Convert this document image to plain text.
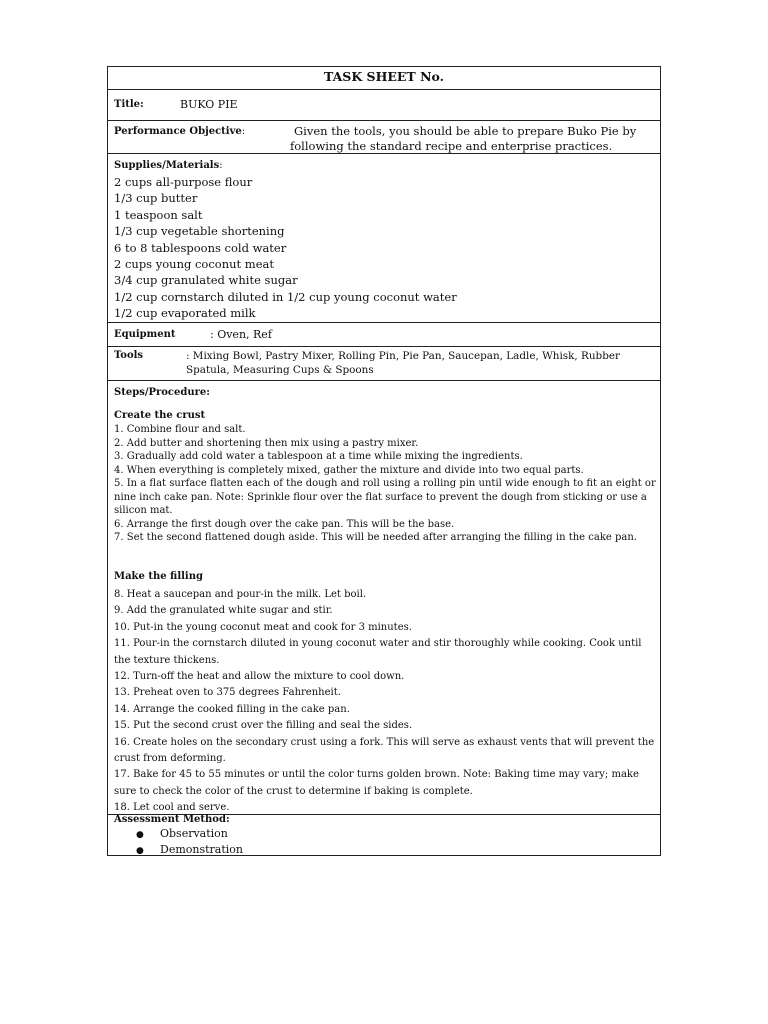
TASK SHEET No.
Title:	BUKO PIE
Performance Objective:	Given the tools, you should be able to prepare Buko Pie by following the standard recipe and enterprise practices.
Supplies/Materials:
2 cups all-purpose flour
1/3 cup butter
1 teaspoon salt
1/3 cup vegetable shortening
6 to 8 tablespoons cold water
2 cups young coconut meat
3/4 cup granulated white sugar
1/2 cup cornstarch diluted in 1/2 cup young coconut water
1/2 cup evaporated milk
Equipment	: Oven, Ref
Tools	: Mixing Bowl, Pastry Mixer, Rolling Pin, Pie Pan, Saucepan, Ladle, Whisk, Rubber Spatula, Measuring Cups & Spoons
Steps/Procedure:
Create the crust
1. Combine flour and salt.
2. Add butter and shortening then mix using a pastry mixer.
3. Gradually add cold water a tablespoon at a time while mixing the ingredients.
4. When everything is completely mixed, gather the mixture and divide into two equal parts.
5. In a flat surface flatten each of the dough and roll using a rolling pin until wide enough to fit an eight or nine inch cake pan. Note: Sprinkle flour over the flat surface to prevent the dough from sticking or use a silicon mat.
6. Arrange the first dough over the cake pan. This will be the base.
7. Set the second flattened dough aside. This will be needed after arranging the filling in the cake pan.
Make the filling
8. Heat a saucepan and pour-in the milk. Let boil.
9. Add the granulated white sugar and stir.
10. Put-in the young coconut meat and cook for 3 minutes.
11. Pour-in the cornstarch diluted in young coconut water and stir thoroughly while cooking. Cook until the texture thickens.
12. Turn-off the heat and allow the mixture to cool down.
13. Preheat oven to 375 degrees Fahrenheit.
14. Arrange the cooked filling in the cake pan.
15. Put the second crust over the filling and seal the sides.
16. Create holes on the secondary crust using a fork. This will serve as exhaust vents that will prevent the crust from deforming.
17. Bake for 45 to 55 minutes or until the color turns golden brown. Note: Baking time may vary; make sure to check the color of the crust to determine if baking is complete.
18. Let cool and serve.
Assessment Method:
● Observation
● Demonstration
